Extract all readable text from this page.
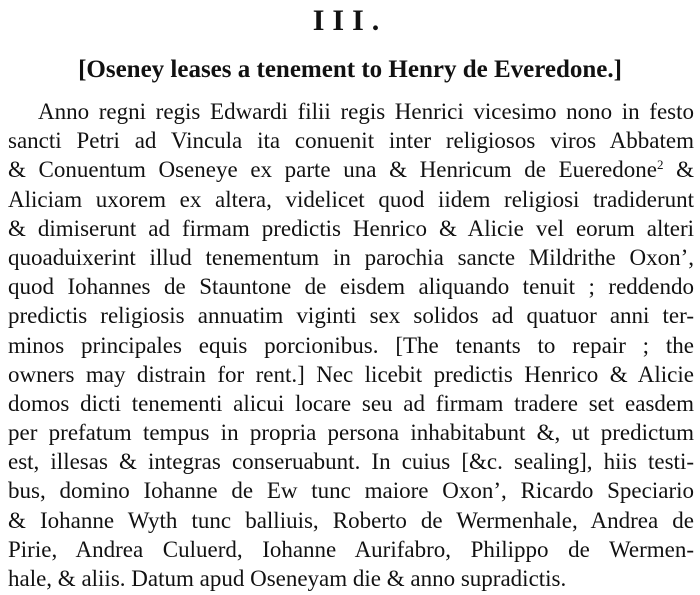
III.
[Oseney leases a tenement to Henry de Everedone.]
Anno regni regis Edwardi filii regis Henrici vicesimo nono in festo
sancti Petri ad Vincula ita conuenit inter religiosos viros Abbatem
& Conuentum Oseneye ex parte una & Henricum de Eueredone$^2$ &
Aliciam uxorem ex altera, videlicet quod iidem religiosi tradiderunt
& dimiserunt ad firmam predictis Henrico & Alicie vel eorum alteri
quoaduixerint illud tenementum in parochia sancte Mildrithe Oxon’,
quod Iohannes de Stauntone de eisdem aliquando tenuit ; reddendo
predictis religiosis annuatim viginti sex solidos ad quatuor anni ter-
minos principales equis porcionibus. [The tenants to repair ; the
owners may distrain for rent.] Nec licebit predictis Henrico & Alicie
domos dicti tenementi alicui locare seu ad firmam tradere set easdem
per prefatum tempus in propria persona inhabitabunt &, ut predictum
est, illesas & integras conseruabunt. In cuius [&c. sealing], hiis testi-
bus, domino Iohanne de Ew tunc maiore Oxon’, Ricardo Speciario
& Iohanne Wyth tunc balliuis, Roberto de Wermenhale, Andrea de
Pirie, Andrea Culuerd, Iohanne Aurifabro, Philippo de Wermen-
hale, & aliis. Datum apud Oseneyam die & anno supradictis.
